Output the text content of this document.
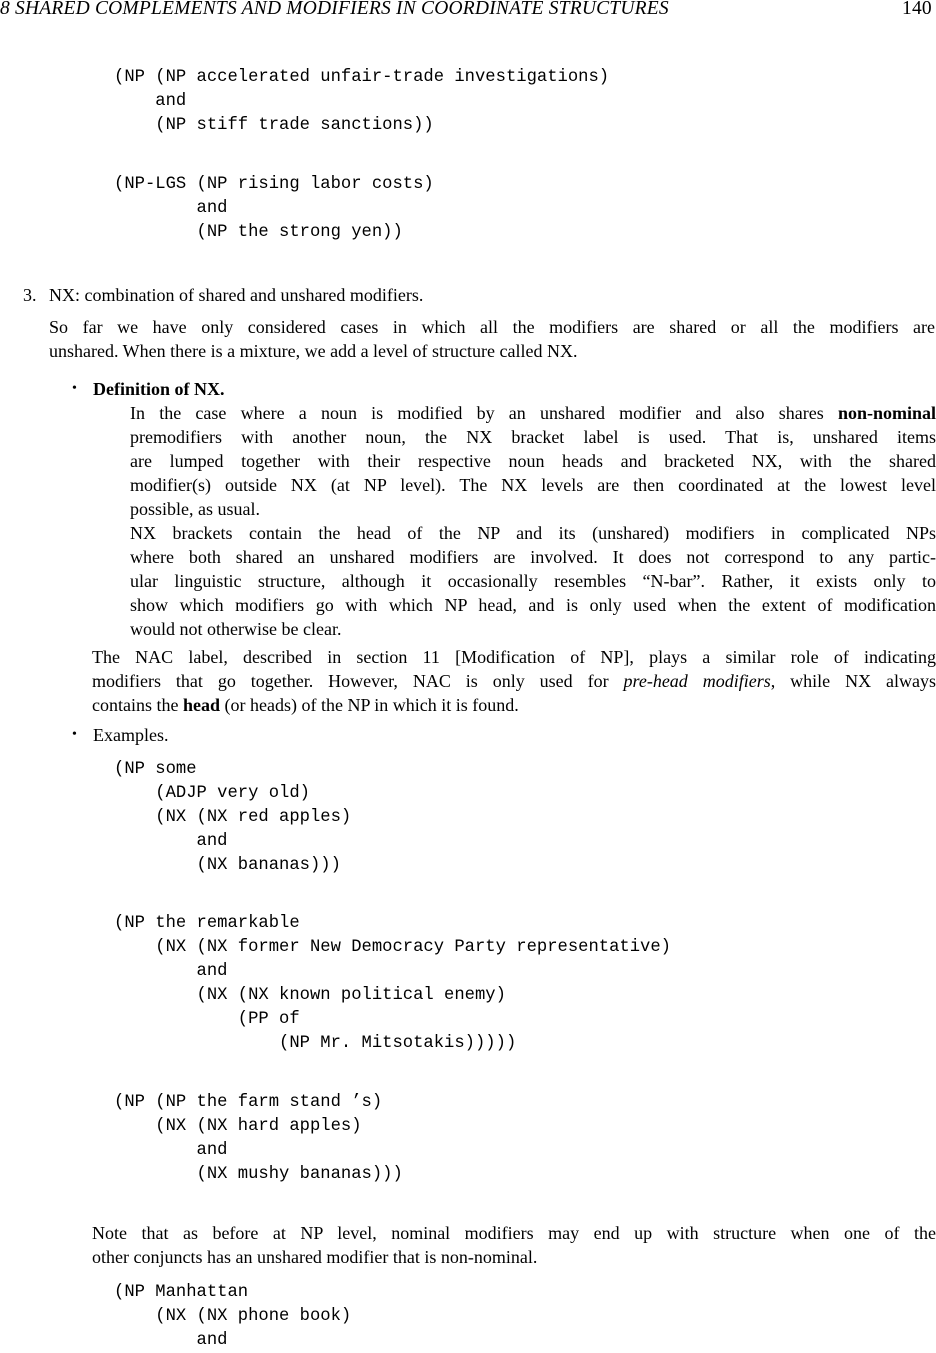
8 SHARED COMPLEMENTS AND MODIFIERS IN COORDINATE STRUCTURES	140
(NP (NP accelerated unfair-trade investigations)
and
(NP stiff trade sanctions))
(NP-LGS (NP rising labor costs)
and
(NP the strong yen))
3. NX: combination of shared and unshared modifiers.
So far we have only considered cases in which all the modifiers are shared or all the modifiers are
unshared. When there is a mixture, we add a level of structure called NX.
• Definition of NX.
In the case where a noun is modified by an unshared modifier and also shares non-nominal
premodifiers with another noun, the NX bracket label is used. That is, unshared items
are lumped together with their respective noun heads and bracketed NX, with the shared
modifier(s) outside NX (at NP level). The NX levels are then coordinated at the lowest level
possible, as usual.
NX brackets contain the head of the NP and its (unshared) modifiers in complicated NPs
where both shared an unshared modifiers are involved. It does not correspond to any partic-
ular linguistic structure, although it occasionally resembles “N-bar”. Rather, it exists only to
show which modifiers go with which NP head, and is only used when the extent of modification
would not otherwise be clear.
The NAC label, described in section 11 [Modification of NP], plays a similar role of indicating
modifiers that go together. However, NAC is only used for pre-head modifiers, while NX always
contains the head (or heads) of the NP in which it is found.
• Examples.
(NP some
(ADJP very old)
(NX (NX red apples)
and
(NX bananas)))
(NP the remarkable
(NX (NX former New Democracy Party representative)
and
(NX (NX known political enemy)
(PP of
(NP Mr. Mitsotakis)))))
(NP (NP the farm stand ’s)
(NX (NX hard apples)
and
(NX mushy bananas)))
Note that as before at NP level, nominal modifiers may end up with structure when one of the
other conjuncts has an unshared modifier that is non-nominal.
(NP Manhattan
(NX (NX phone book)
and
